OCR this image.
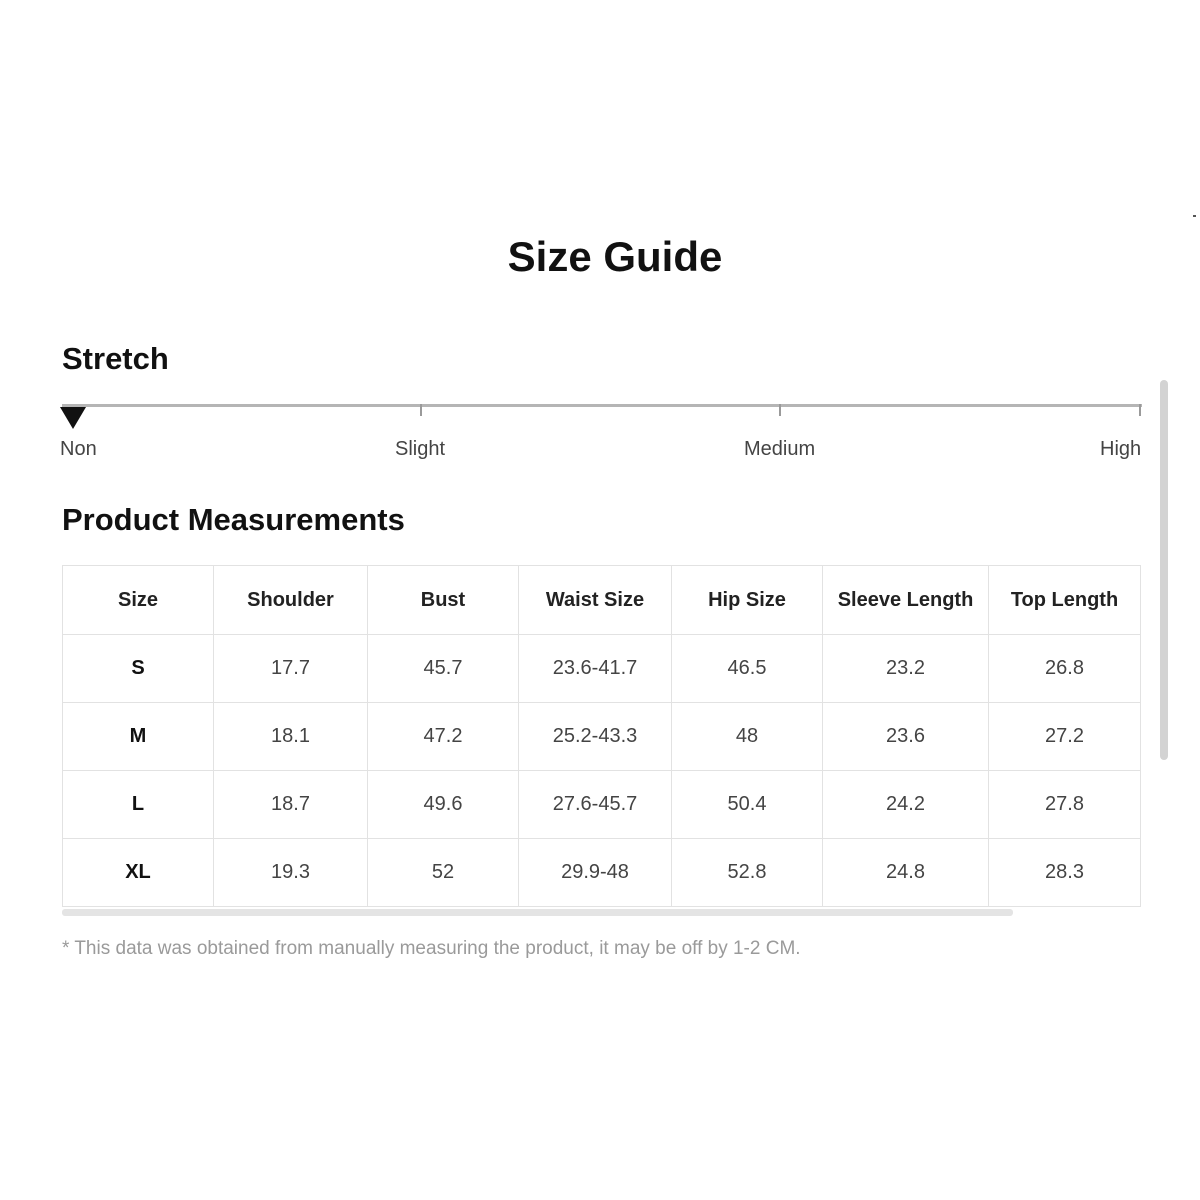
Size Guide
Stretch
Non	Slight	Medium	High
Product Measurements
Size	Shoulder	Bust	Waist Size	Hip Size	Sleeve Length	Top Length
S	17.7	45.7	23.6-41.7	46.5	23.2	26.8
M	18.1	47.2	25.2-43.3	48	23.6	27.2
L	18.7	49.6	27.6-45.7	50.4	24.2	27.8
XL	19.3	52	29.9-48	52.8	24.8	28.3
* This data was obtained from manually measuring the product, it may be off by 1-2 CM.
